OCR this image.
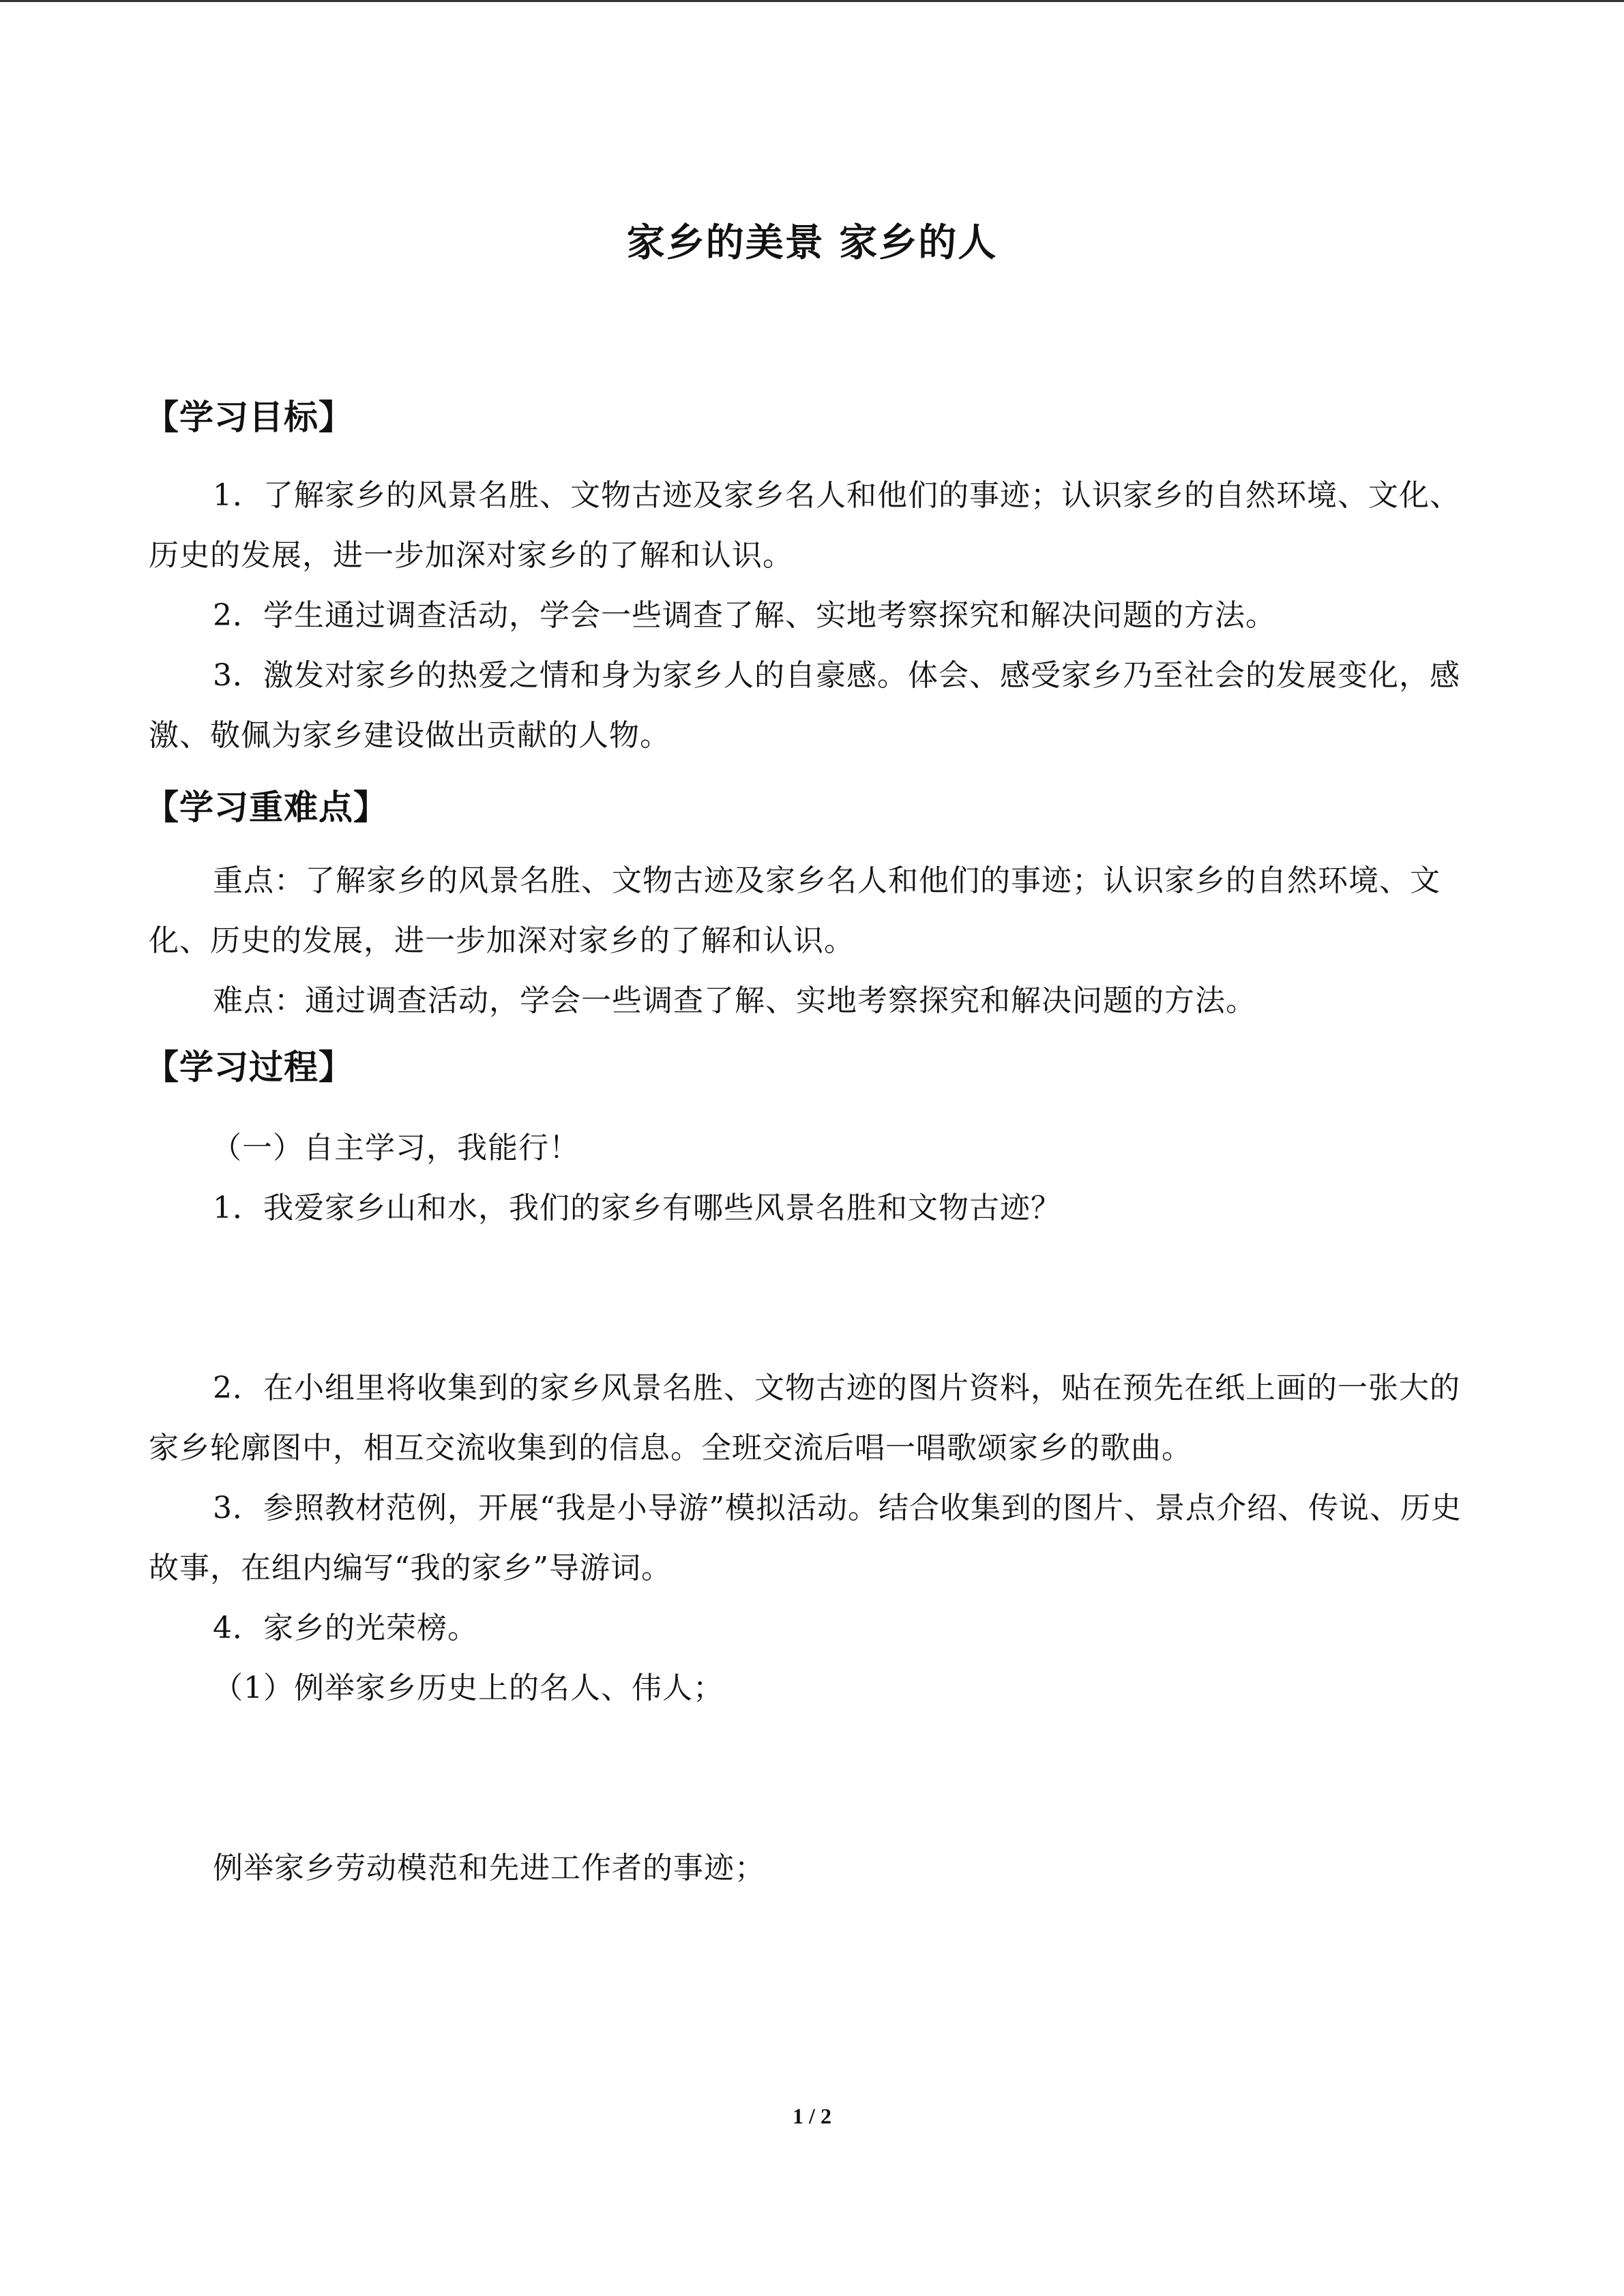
家乡的美景 家乡的人
【学习目标】
1．了解家乡的风景名胜、文物古迹及家乡名人和他们的事迹；认识家乡的自然环境、文化、历史的发展，进一步加深对家乡的了解和认识。
2．学生通过调查活动，学会一些调查了解、实地考察探究和解决问题的方法。
3．激发对家乡的热爱之情和身为家乡人的自豪感。体会、感受家乡乃至社会的发展变化，感激、敬佩为家乡建设做出贡献的人物。
【学习重难点】
重点：了解家乡的风景名胜、文物古迹及家乡名人和他们的事迹；认识家乡的自然环境、文化、历史的发展，进一步加深对家乡的了解和认识。
难点：通过调查活动，学会一些调查了解、实地考察探究和解决问题的方法。
【学习过程】
（一）自主学习，我能行！
1．我爱家乡山和水，我们的家乡有哪些风景名胜和文物古迹？
2．在小组里将收集到的家乡风景名胜、文物古迹的图片资料，贴在预先在纸上画的一张大的家乡轮廓图中，相互交流收集到的信息。全班交流后唱一唱歌颂家乡的歌曲。
3．参照教材范例，开展“我是小导游”模拟活动。结合收集到的图片、景点介绍、传说、历史故事，在组内编写“我的家乡”导游词。
4．家乡的光荣榜。
（1）例举家乡历史上的名人、伟人；
例举家乡劳动模范和先进工作者的事迹；
1 / 2
